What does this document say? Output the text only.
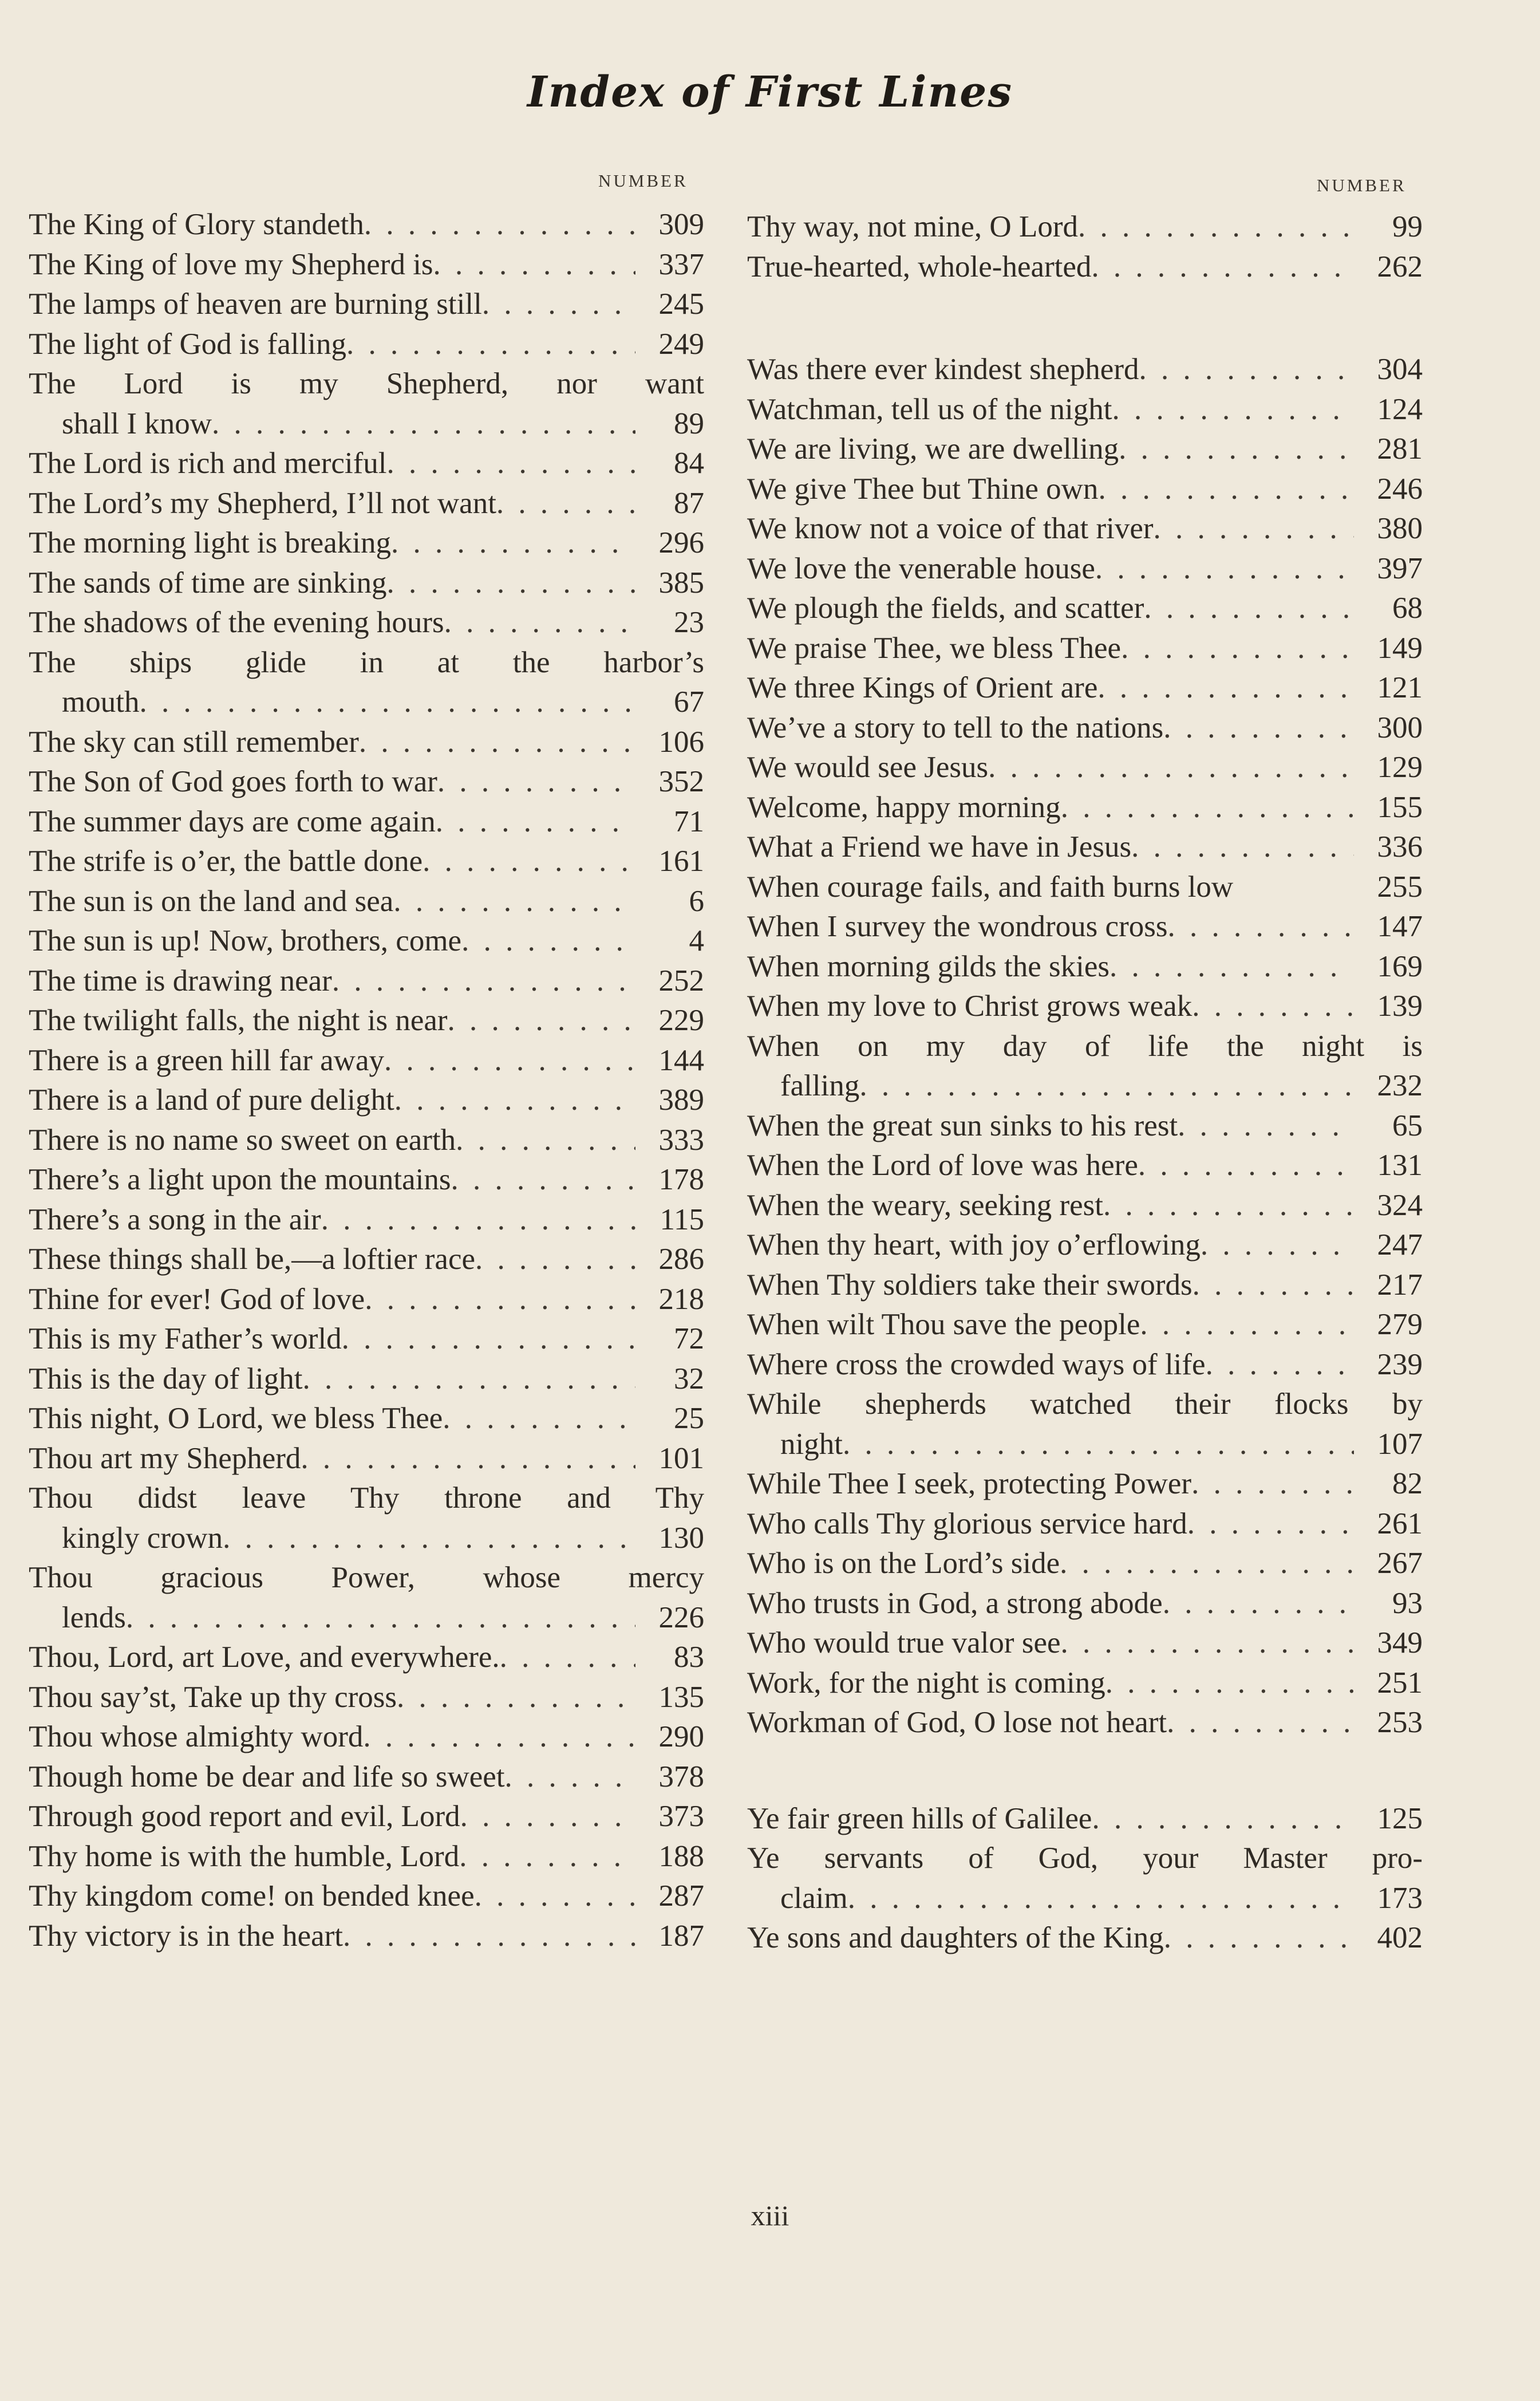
Index of First Lines
NUMBER	NUMBER
The King of Glory standeth . . .	309
The King of love my Shepherd is . . .	337
The lamps of heaven are burning still . . .	245
The light of God is falling . . .	249
The Lord is my Shepherd, nor want
shall I know . . .	89
The Lord is rich and merciful . . .	84
The Lord’s my Shepherd, I’ll not want . . .	87
The morning light is breaking . . .	296
The sands of time are sinking . . .	385
The shadows of the evening hours . . .	23
The ships glide in at the harbor’s
mouth . . .	67
The sky can still remember . . .	106
The Son of God goes forth to war . . .	352
The summer days are come again . . .	71
The strife is o’er, the battle done . . .	161
The sun is on the land and sea . . .	6
The sun is up! Now, brothers, come . . .	4
The time is drawing near . . .	252
The twilight falls, the night is near . . .	229
There is a green hill far away . . .	144
There is a land of pure delight . . .	389
There is no name so sweet on earth . . .	333
There’s a light upon the mountains . . .	178
There’s a song in the air . . .	115
These things shall be,—a loftier race . . .	286
Thine for ever! God of love . . .	218
This is my Father’s world . . .	72
This is the day of light . . .	32
This night, O Lord, we bless Thee . . .	25
Thou art my Shepherd . . .	101
Thou didst leave Thy throne and Thy
kingly crown . . .	130
Thou gracious Power, whose mercy
lends . . .	226
Thou, Lord, art Love, and everywhere. . . .	83
Thou say’st, Take up thy cross . . .	135
Thou whose almighty word . . .	290
Though home be dear and life so sweet . . .	378
Through good report and evil, Lord . . .	373
Thy home is with the humble, Lord . . .	188
Thy kingdom come! on bended knee . . .	287
Thy victory is in the heart . . .	187
Thy way, not mine, O Lord . . .	99
True-hearted, whole-hearted . . .	262
Was there ever kindest shepherd . . .	304
Watchman, tell us of the night . . .	124
We are living, we are dwelling . . .	281
We give Thee but Thine own . . .	246
We know not a voice of that river . . .	380
We love the venerable house . . .	397
We plough the fields, and scatter . . .	68
We praise Thee, we bless Thee . . .	149
We three Kings of Orient are . . .	121
We’ve a story to tell to the nations . . .	300
We would see Jesus . . .	129
Welcome, happy morning . . .	155
What a Friend we have in Jesus . . .	336
When courage fails, and faith burns low	255
When I survey the wondrous cross . . .	147
When morning gilds the skies . . .	169
When my love to Christ grows weak . . .	139
When on my day of life the night is
falling . . .	232
When the great sun sinks to his rest . . .	65
When the Lord of love was here . . .	131
When the weary, seeking rest . . .	324
When thy heart, with joy o’erflowing . . .	247
When Thy soldiers take their swords . . .	217
When wilt Thou save the people . . .	279
Where cross the crowded ways of life . . .	239
While shepherds watched their flocks by
night . . .	107
While Thee I seek, protecting Power . . .	82
Who calls Thy glorious service hard . . .	261
Who is on the Lord’s side . . .	267
Who trusts in God, a strong abode . . .	93
Who would true valor see . . .	349
Work, for the night is coming . . .	251
Workman of God, O lose not heart . . .	253
Ye fair green hills of Galilee . . .	125
Ye servants of God, your Master pro-
claim . . .	173
Ye sons and daughters of the King . . .	402
xiii
